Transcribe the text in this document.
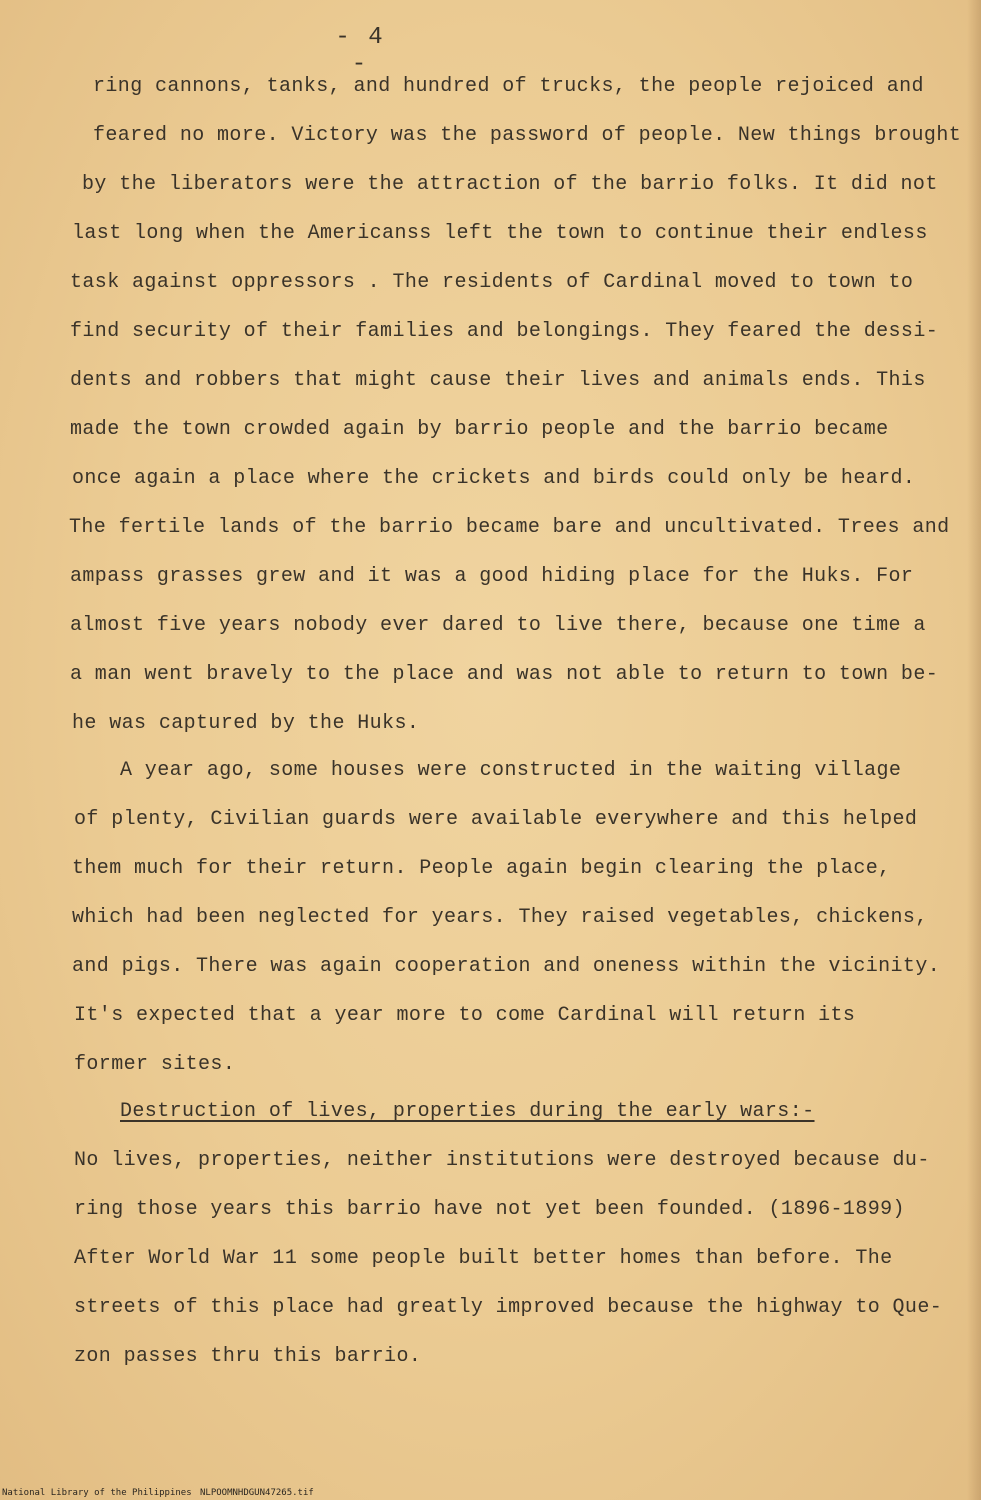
- 4 -
ring cannons, tanks, and hundred of trucks, the people rejoiced and
feared no more. Victory was the password of people. New things brought
by the liberators were the attraction of the barrio folks. It did not
last long when the Americanss left the town to continue their endless
task against oppressors . The residents of Cardinal moved to town to
find security of their families and belongings. They feared the dessi-
dents and robbers that might cause their lives and animals ends. This
made the town crowded again by barrio people and the barrio became
once again a place where the crickets and birds could only be heard.
The fertile lands of the barrio became bare and uncultivated. Trees and
ampass grasses grew and it was a good hiding place for the Huks. For
almost five years nobody ever dared to live there, because one time a
a man went bravely to the place and was not able to return to town be-
he was captured by the Huks.
A year ago, some houses were constructed in the waiting village
of plenty, Civilian guards were available everywhere and this helped
them much for their return. People again begin clearing the place,
which had been neglected for years. They raised vegetables, chickens,
and pigs. There was again cooperation and oneness within the vicinity.
It's expected that a year more to come Cardinal will return its
former sites.
Destruction of lives, properties during the early wars:-
No lives, properties, neither institutions were destroyed because du-
ring those years this barrio have not yet been founded. (1896-1899)
After World War 11 some people built better homes than before. The
streets of this place had greatly improved because the highway to Que-
zon passes thru this barrio.
National Library of the Philippines NLPOOMNHDGUN47265.tif
